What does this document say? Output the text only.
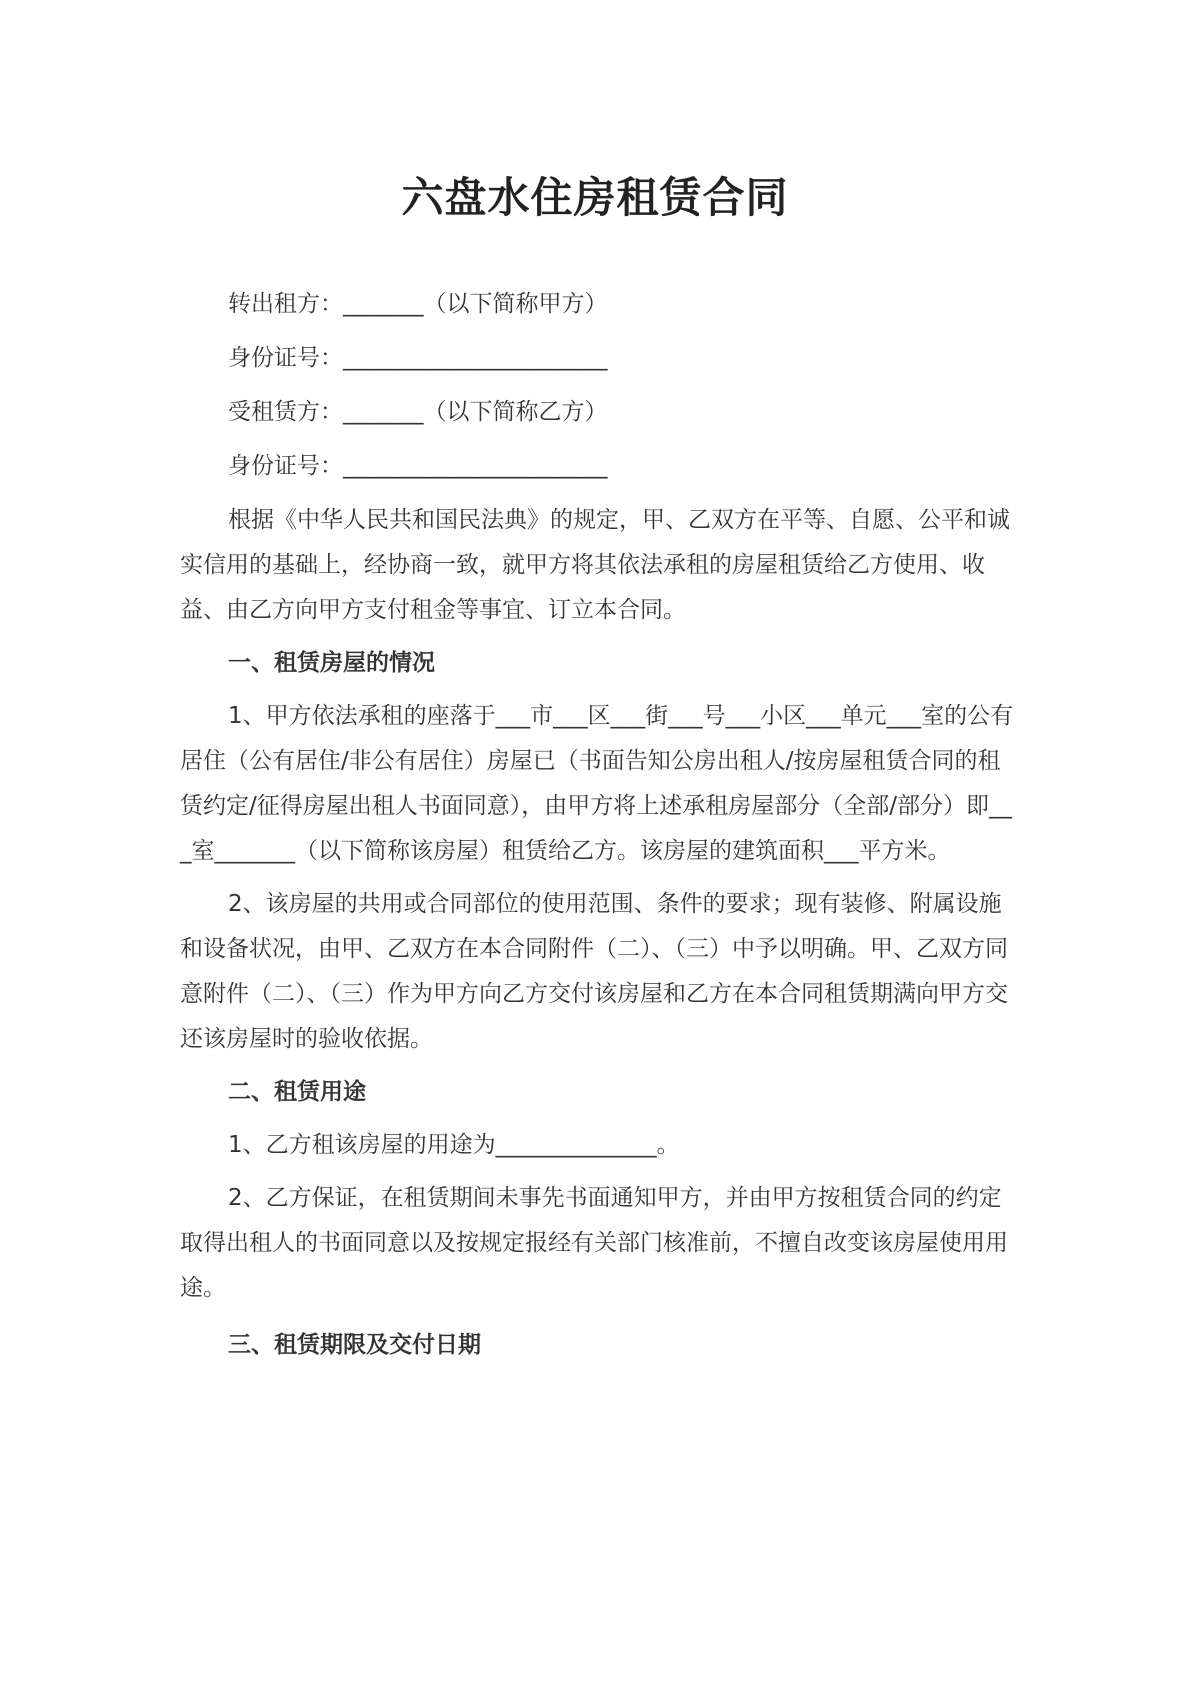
六盘水住房租赁合同

转出租方：_______（以下简称甲方）

身份证号：_______________________

受租赁方：_______（以下简称乙方）

身份证号：_______________________

根据《中华人民共和国民法典》的规定，甲、乙双方在平等、自愿、公平和诚实信用的基础上，经协商一致，就甲方将其依法承租的房屋租赁给乙方使用、收益、由乙方向甲方支付租金等事宜、订立本合同。

一、租赁房屋的情况

1、甲方依法承租的座落于___市___区___街___号___小区___单元___室的公有居住（公有居住/非公有居住）房屋已（书面告知公房出租人/按房屋租赁合同的租赁约定/征得房屋出租人书面同意），由甲方将上述承租房屋部分（全部/部分）即___室_______（以下简称该房屋）租赁给乙方。该房屋的建筑面积___平方米。

2、该房屋的共用或合同部位的使用范围、条件的要求；现有装修、附属设施和设备状况，由甲、乙双方在本合同附件（二）、（三）中予以明确。甲、乙双方同意附件（二）、（三）作为甲方向乙方交付该房屋和乙方在本合同租赁期满向甲方交还该房屋时的验收依据。

二、租赁用途

1、乙方租该房屋的用途为______________。

2、乙方保证，在租赁期间未事先书面通知甲方，并由甲方按租赁合同的约定取得出租人的书面同意以及按规定报经有关部门核准前，不擅自改变该房屋使用用途。

三、租赁期限及交付日期
